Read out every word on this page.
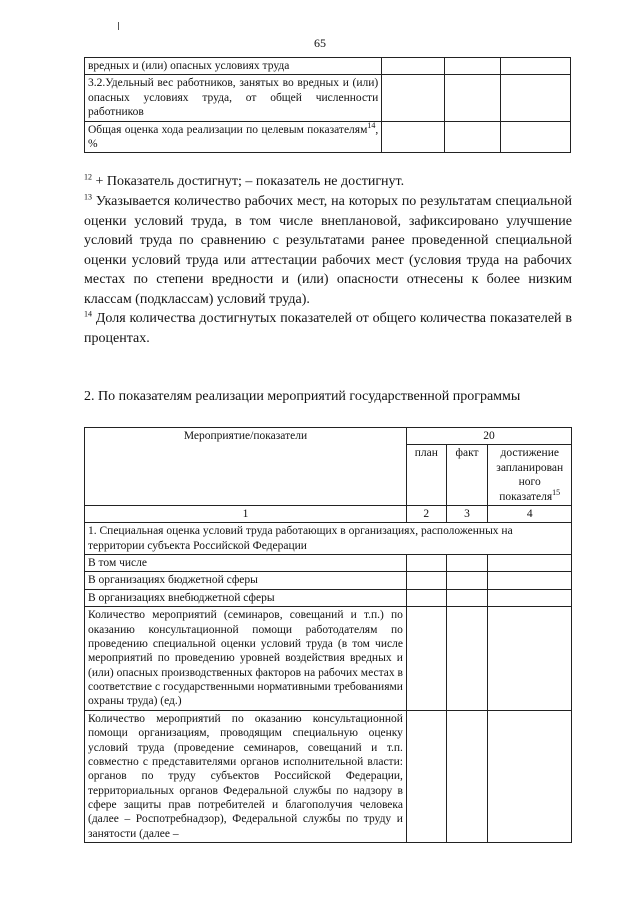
65
вредных и (или) опасных условиях труда			
3.2.Удельный вес работников, занятых во вредных и (или) опасных условиях труда, от общей численности работников			
Общая оценка хода реализации по целевым показателям$^{14}$, %			
$^{12}$ + Показатель достигнут; – показатель не достигнут.
$^{13}$ Указывается количество рабочих мест, на которых по результатам специальной оценки условий труда, в том числе внеплановой, зафиксировано улучшение условий труда по сравнению с результатами ранее проведенной специальной оценки условий труда или аттестации рабочих мест (условия труда на рабочих местах по степени вредности и (или) опасности отнесены к более низким классам (подклассам) условий труда).
$^{14}$ Доля количества достигнутых показателей от общего количества показателей в процентах.
2. По показателям реализации мероприятий государственной программы
Мероприятие/показатели	20		
	план	факт	достижение запланирован ного показателя$^{15}$
1	2	3	4
1. Специальная оценка условий труда работающих в организациях, расположенных на территории субъекта Российской Федерации			
В том числе			
В организациях бюджетной сферы			
В организациях внебюджетной сферы			
Количество мероприятий (семинаров, совещаний и т.п.) по оказанию консультационной помощи работодателям по проведению специальной оценки условий труда (в том числе мероприятий по проведению уровней воздействия вредных и (или) опасных производственных факторов на рабочих местах в соответствие с государственными нормативными требованиями охраны труда) (ед.)			
Количество мероприятий по оказанию консультационной помощи организациям, проводящим специальную оценку условий труда (проведение семинаров, совещаний и т.п. совместно с представителями органов исполнительной власти: органов по труду субъектов Российской Федерации, территориальных органов Федеральной службы по надзору в сфере защиты прав потребителей и благополучия человека (далее – Роспотребнадзор), Федеральной службы по труду и занятости (далее –			
